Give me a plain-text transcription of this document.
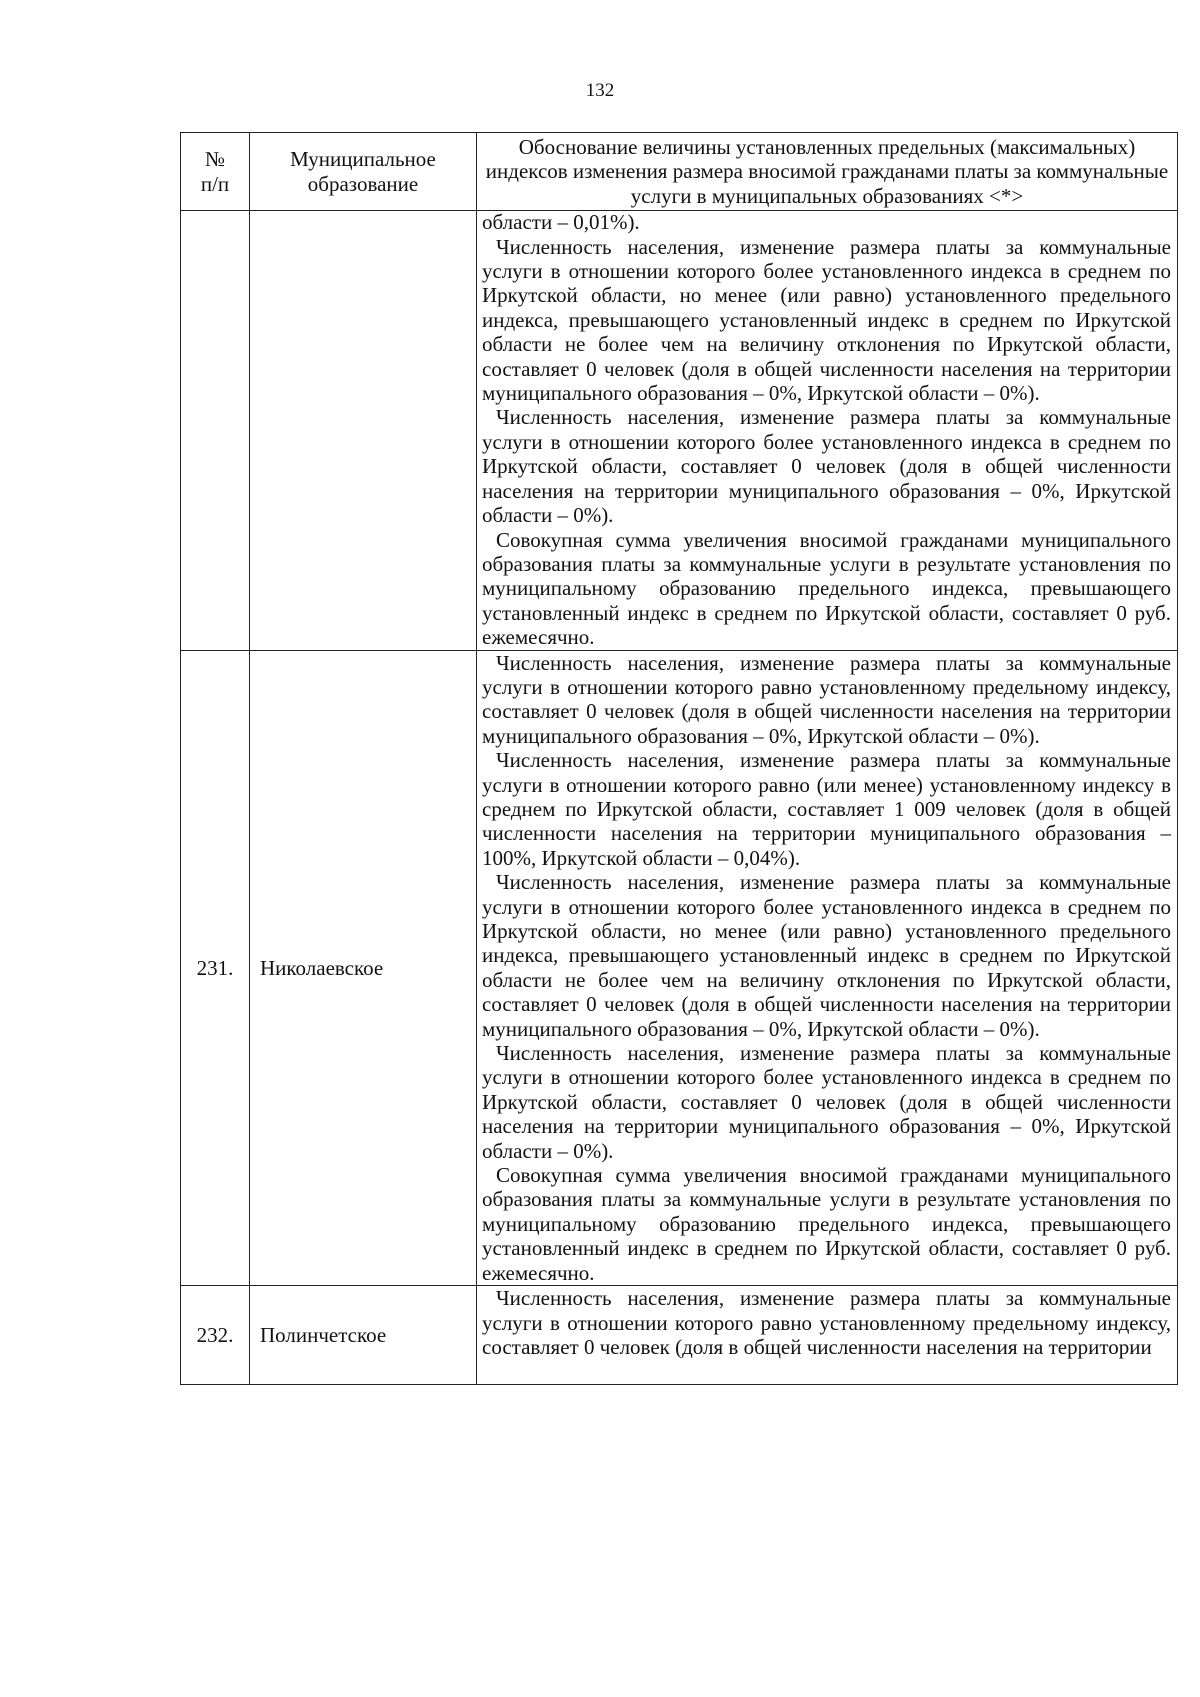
132
№
п/п	Муниципальное образование	Обоснование величины установленных предельных (максимальных) индексов изменения размера вносимой гражданами платы за коммунальные услуги в муниципальных образованиях <*>

		области – 0,01%).

Численность населения, изменение размера платы за коммунальные услуги в отношении которого более установленного индекса в среднем по Иркутской области, но менее (или равно) установленного предельного индекса, превышающего установленный индекс в среднем по Иркутской области не более чем на величину отклонения по Иркутской области, составляет 0 человек (доля в общей численности населения на территории муниципального образования – 0%, Иркутской области – 0%).

Численность населения, изменение размера платы за коммунальные услуги в отношении которого более установленного индекса в среднем по Иркутской области, составляет 0 человек (доля в общей численности населения на территории муниципального образования – 0%, Иркутской области – 0%).

Совокупная сумма увеличения вносимой гражданами муниципального образования платы за коммунальные услуги в результате установления по муниципальному образованию предельного индекса, превышающего установленный индекс в среднем по Иркутской области, составляет 0 руб. ежемесячно.

231.	Николаевское	Численность населения, изменение размера платы за коммунальные услуги в отношении которого равно установленному предельному индексу, составляет 0 человек (доля в общей численности населения на территории муниципального образования – 0%, Иркутской области – 0%).

Численность населения, изменение размера платы за коммунальные услуги в отношении которого равно (или менее) установленному индексу в среднем по Иркутской области, составляет 1 009 человек (доля в общей численности населения на территории муниципального образования – 100%, Иркутской области – 0,04%).

Численность населения, изменение размера платы за коммунальные услуги в отношении которого более установленного индекса в среднем по Иркутской области, но менее (или равно) установленного предельного индекса, превышающего установленный индекс в среднем по Иркутской области не более чем на величину отклонения по Иркутской области, составляет 0 человек (доля в общей численности населения на территории муниципального образования – 0%, Иркутской области – 0%).

Численность населения, изменение размера платы за коммунальные услуги в отношении которого более установленного индекса в среднем по Иркутской области, составляет 0 человек (доля в общей численности населения на территории муниципального образования – 0%, Иркутской области – 0%).

Совокупная сумма увеличения вносимой гражданами муниципального образования платы за коммунальные услуги в результате установления по муниципальному образованию предельного индекса, превышающего установленный индекс в среднем по Иркутской области, составляет 0 руб. ежемесячно.

232.	Полинчетское	Численность населения, изменение размера платы за коммунальные услуги в отношении которого равно установленному предельному индексу, составляет 0 человек (доля в общей численности населения на территории
